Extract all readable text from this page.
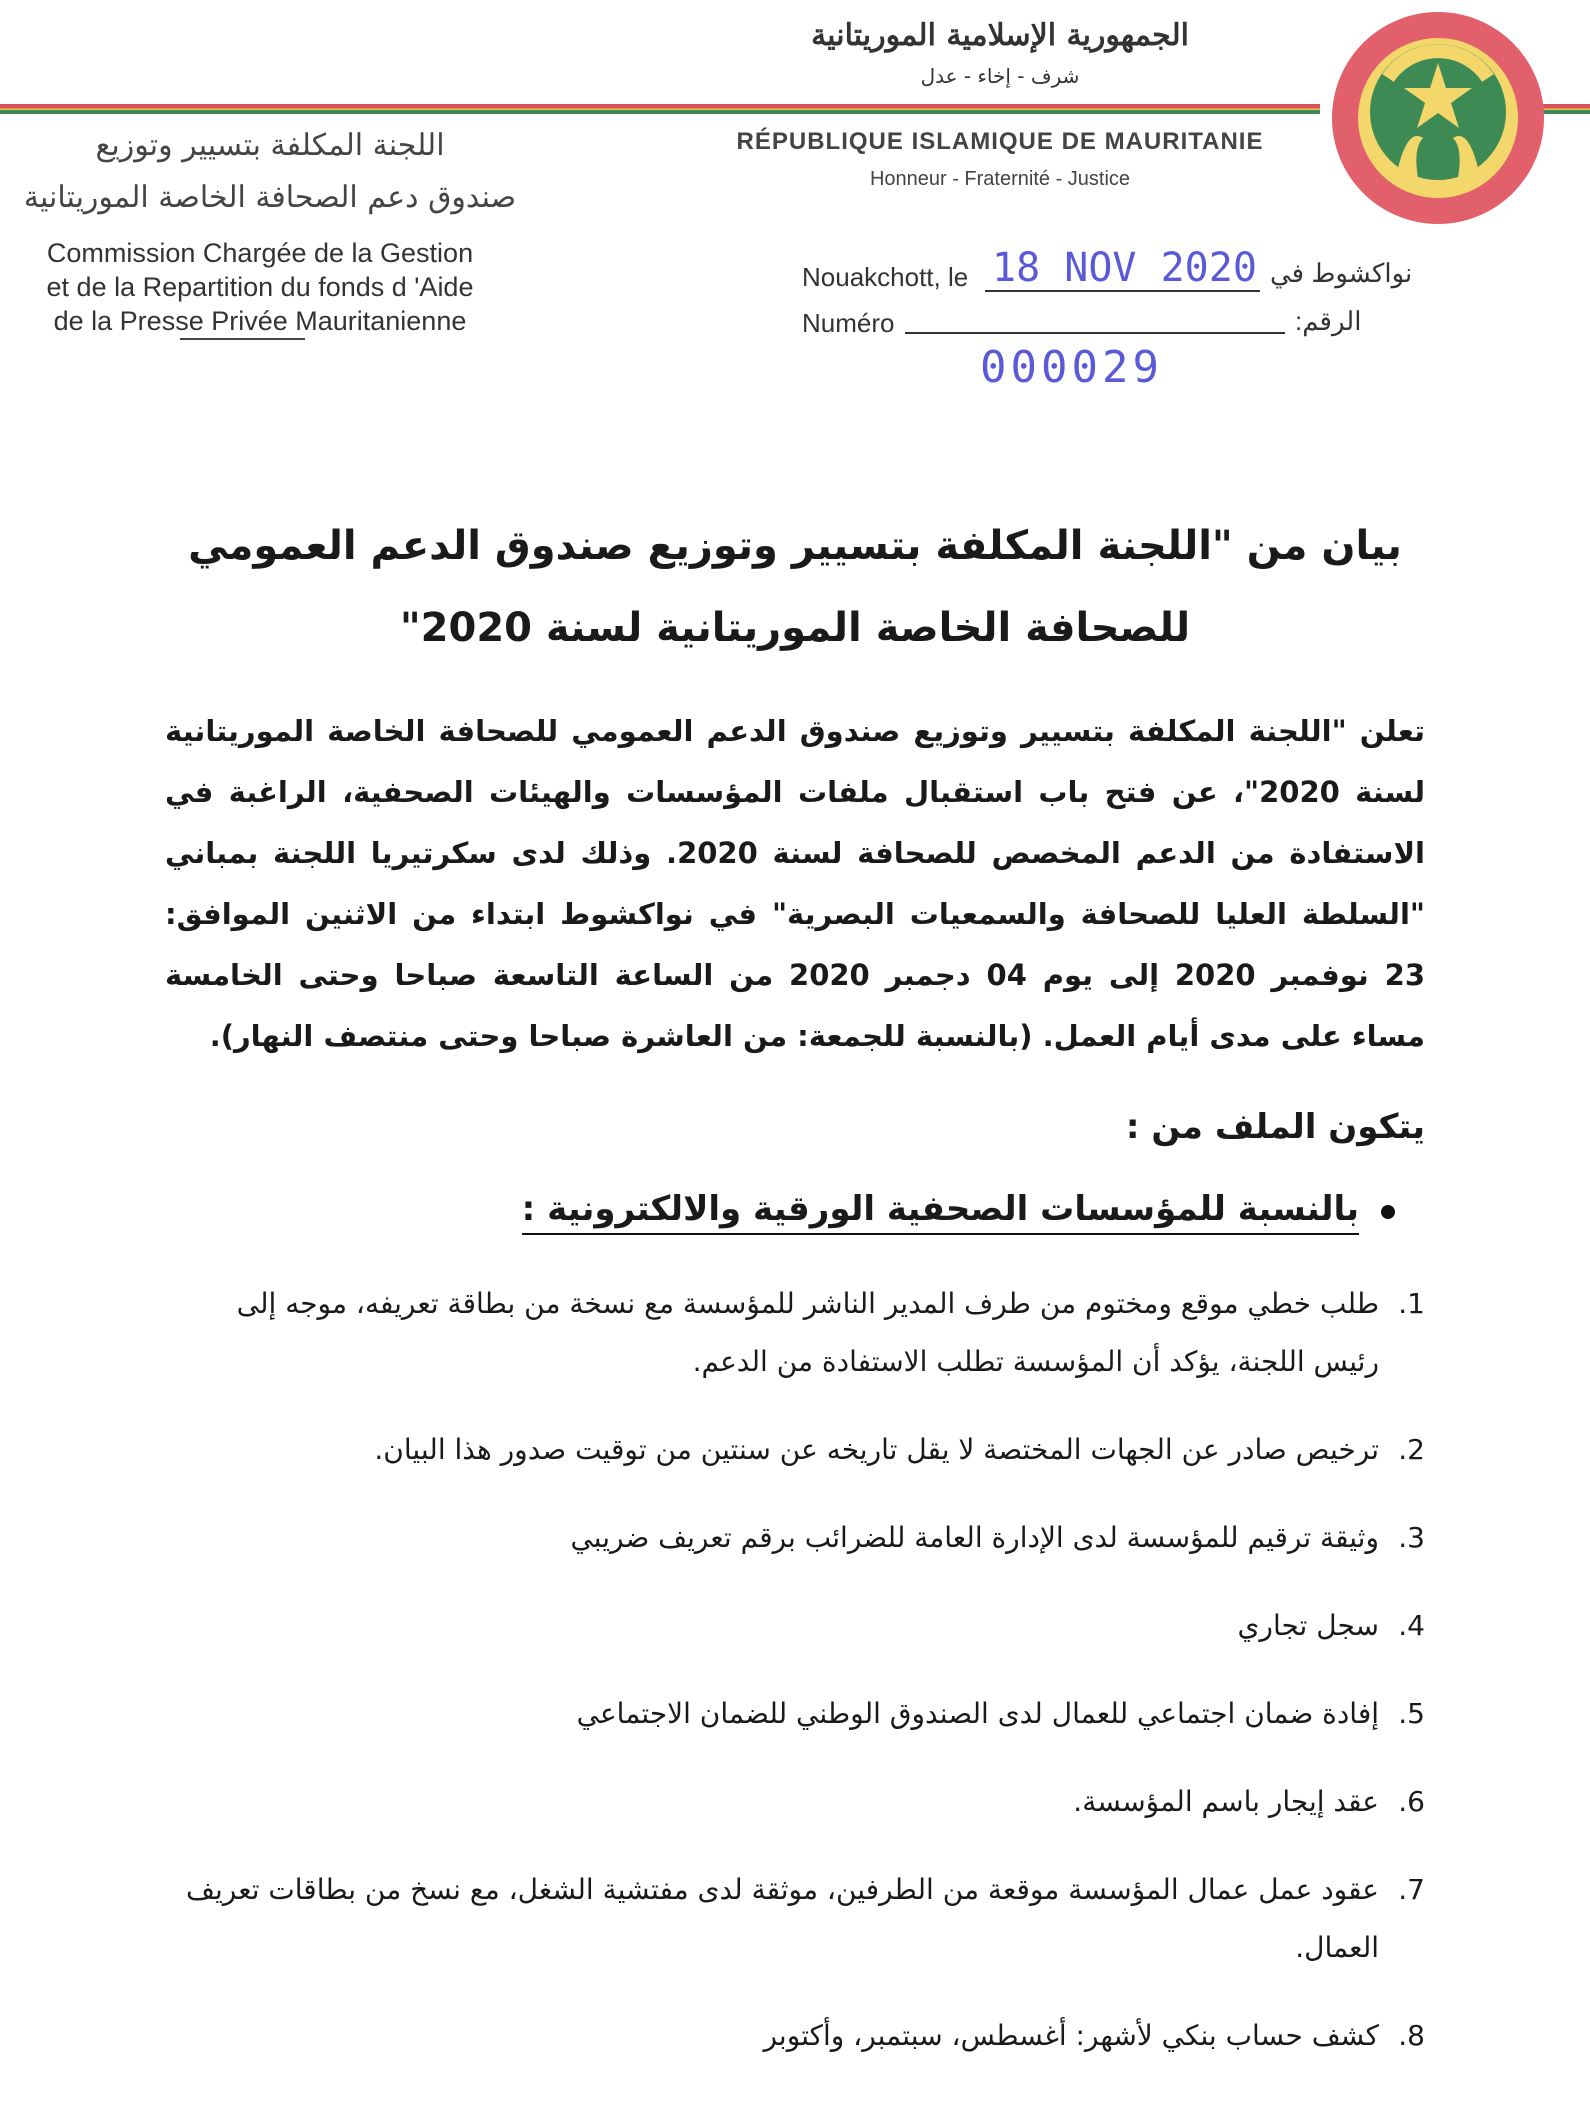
الجمهورية الإسلامية الموريتانية
شرف - إخاء - عدل
RÉPUBLIQUE ISLAMIQUE DE MAURITANIE
Honneur - Fraternité - Justice
اللجنة المكلفة بتسيير وتوزيع
صندوق دعم الصحافة الخاصة الموريتانية
Commission Chargée de la Gestion
et de la Repartition du fonds d 'Aide
de la Presse Privée Mauritanienne
Nouakchott, le 18 NOV 2020 نواكشوط في
Numéro	الرقم:
000029

بيان من "اللجنة المكلفة بتسيير وتوزيع صندوق الدعم العمومي

للصحافة الخاصة الموريتانية لسنة 2020"

تعلن "اللجنة المكلفة بتسيير وتوزيع صندوق الدعم العمومي للصحافة الخاصة الموريتانية لسنة 2020"، عن فتح باب استقبال ملفات المؤسسات والهيئات الصحفية، الراغبة في الاستفادة من الدعم المخصص للصحافة لسنة 2020. وذلك لدى سكرتيريا اللجنة بمباني "السلطة العليا للصحافة والسمعيات البصرية" في نواكشوط ابتداء من الاثنين الموافق: 23 نوفمبر 2020 إلى يوم 04 دجمبر 2020 من الساعة التاسعة صباحا وحتى الخامسة مساء على مدى أيام العمل. (بالنسبة للجمعة: من العاشرة صباحا وحتى منتصف النهار).

يتكون الملف من :

بالنسبة للمؤسسات الصحفية الورقية والالكترونية :
1.
طلب خطي موقع ومختوم من طرف المدير الناشر للمؤسسة مع نسخة من بطاقة تعريفه، موجه إلى رئيس اللجنة، يؤكد أن المؤسسة تطلب الاستفادة من الدعم.
2.
ترخيص صادر عن الجهات المختصة لا يقل تاريخه عن سنتين من توقيت صدور هذا البيان.
3.
وثيقة ترقيم للمؤسسة لدى الإدارة العامة للضرائب برقم تعريف ضريبي
4.
سجل تجاري
5.
إفادة ضمان اجتماعي للعمال لدى الصندوق الوطني للضمان الاجتماعي
6.
عقد إيجار باسم المؤسسة.
7.
عقود عمل عمال المؤسسة موقعة من الطرفين، موثقة لدى مفتشية الشغل، مع نسخ من بطاقات تعريف العمال.
8.
كشف حساب بنكي لأشهر: أغسطس، سبتمبر، وأكتوبر
